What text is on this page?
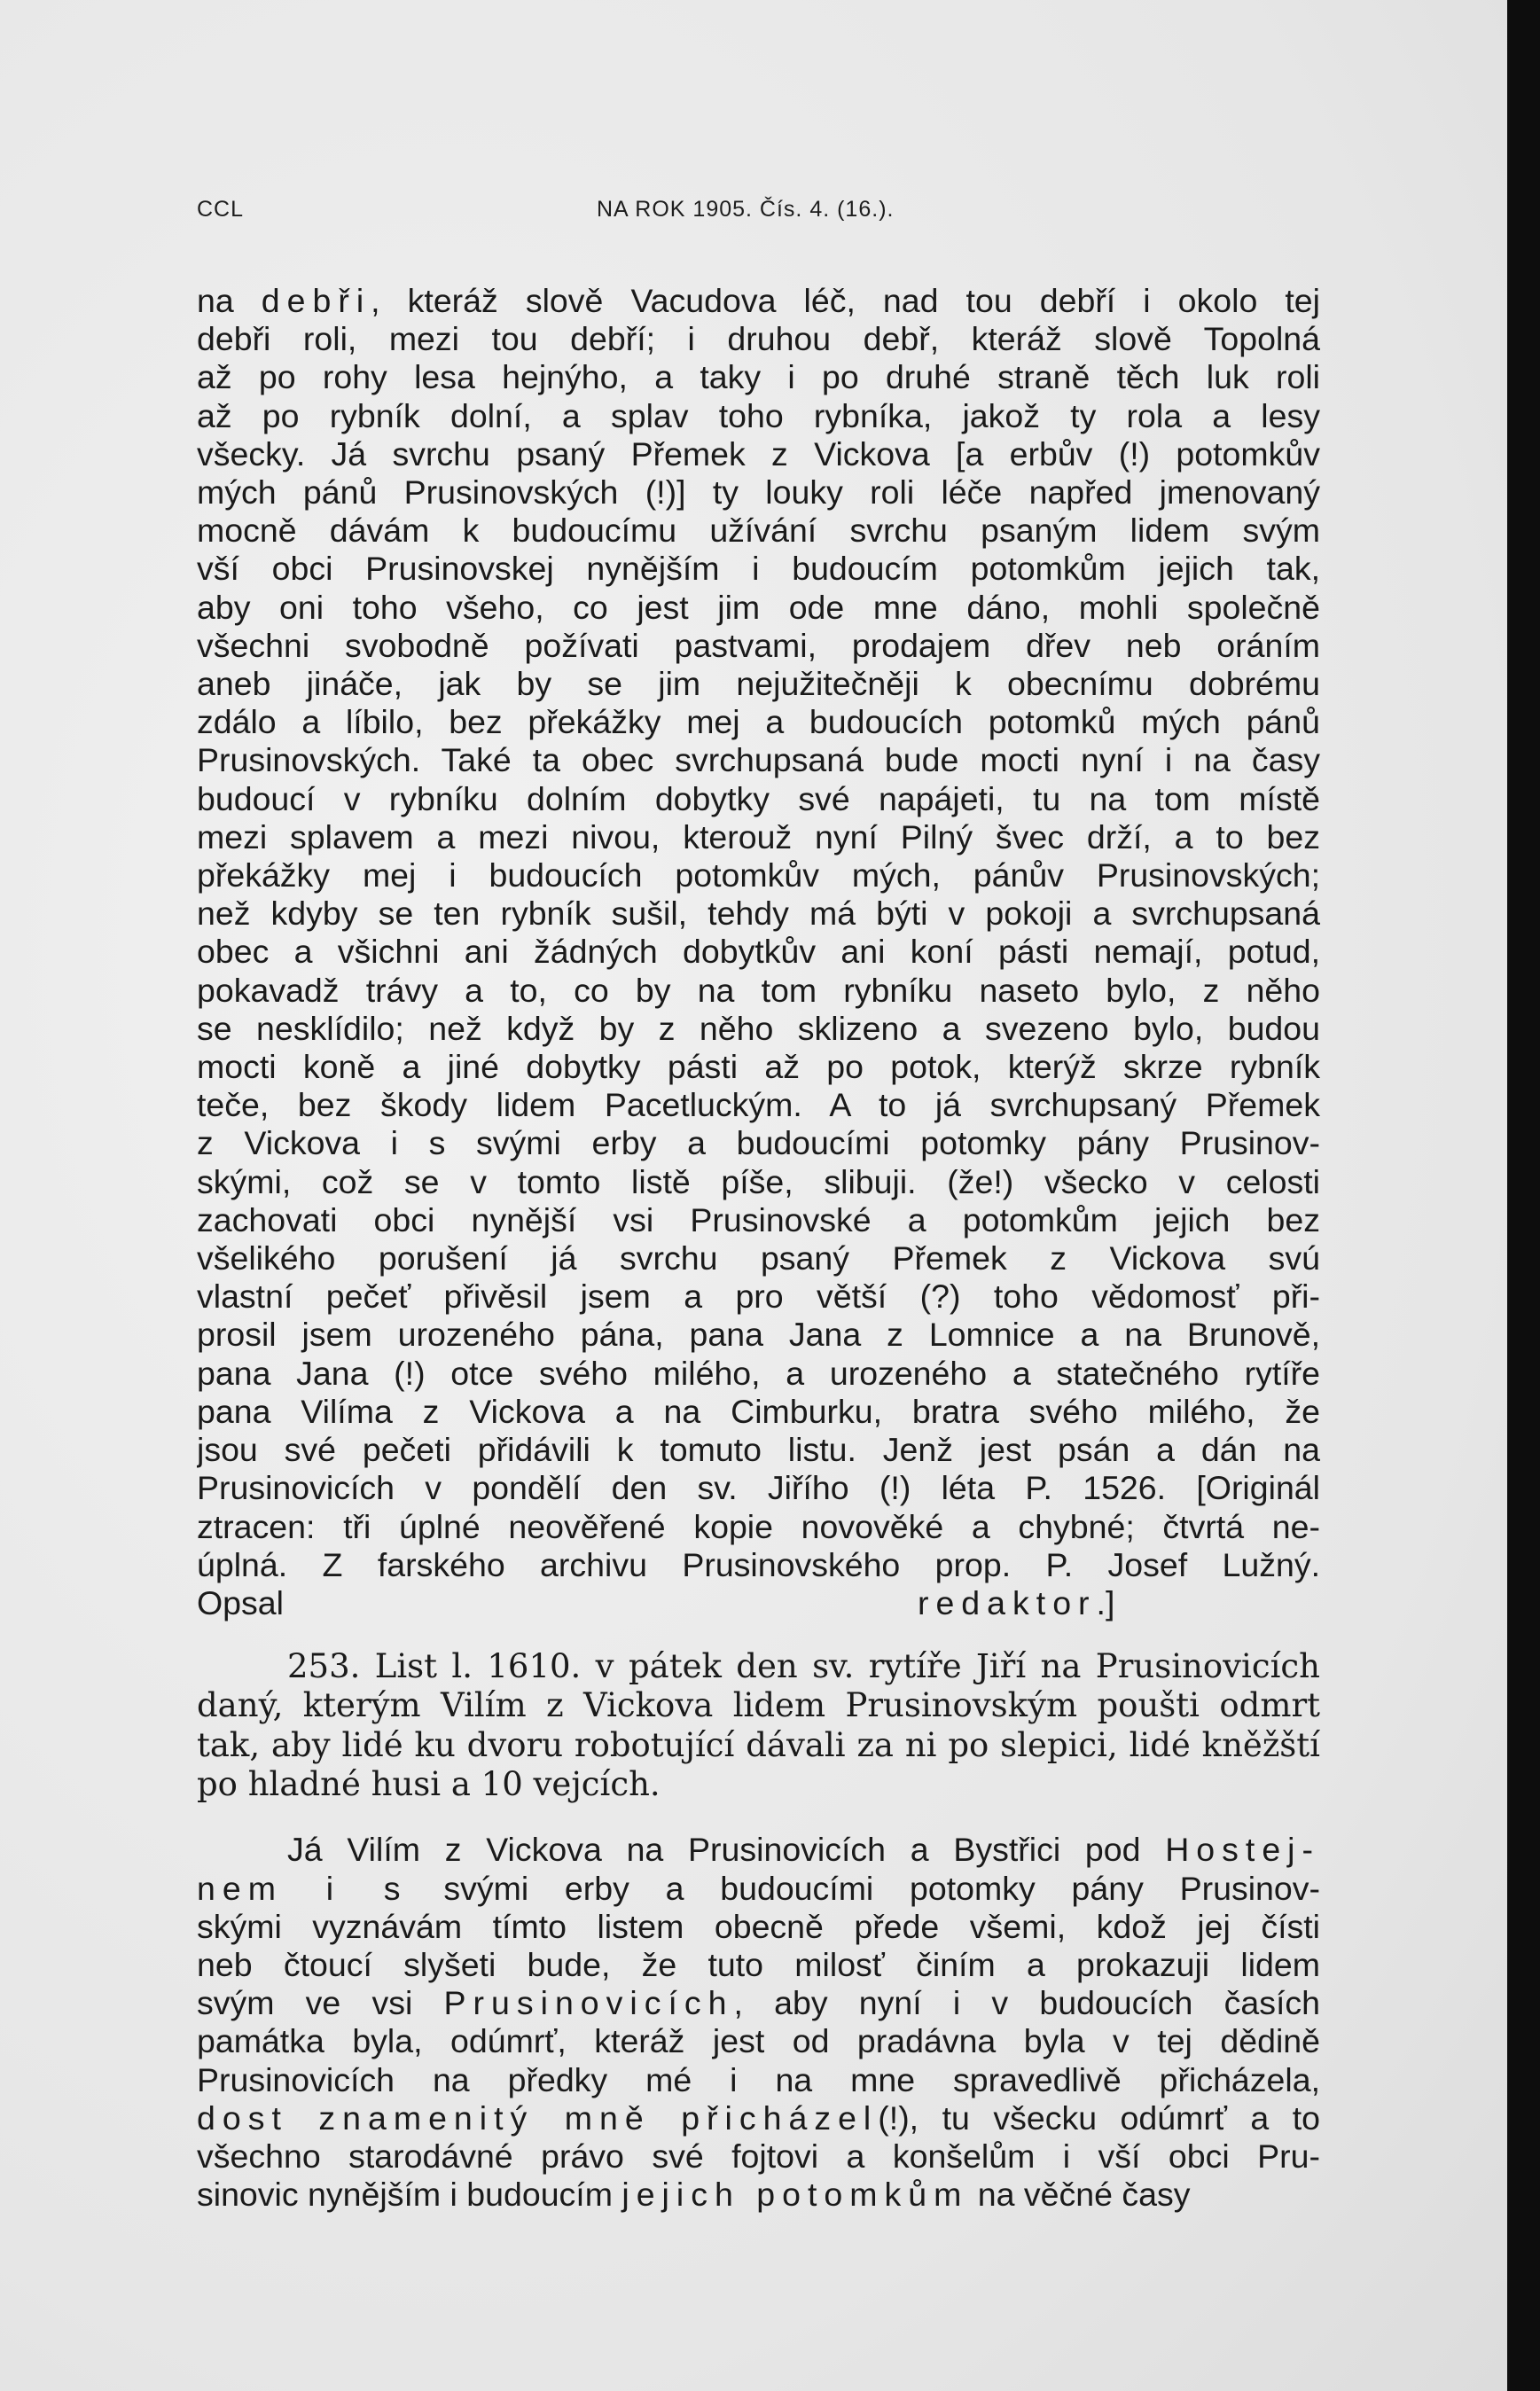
CCL	NA ROK 1905. Čís. 4. (16.).

na debři, kteráž slově Vacudova léč, nad tou debří i okolo tej

debři roli, mezi tou debří; i druhou debř, kteráž slově Topolná

až po rohy lesa hejnýho, a taky i po druhé straně těch luk roli

až po rybník dolní, a splav toho rybníka, jakož ty rola a lesy

všecky. Já svrchu psaný Přemek z Vickova [a erbův (!) potomkův

mých pánů Prusinovských (!)] ty louky roli léče napřed jmenovaný

mocně dávám k budoucímu užívání svrchu psaným lidem svým

vší obci Prusinovskej nynějším i budoucím potomkům jejich tak,

aby oni toho všeho, co jest jim ode mne dáno, mohli společně

všechni svobodně požívati pastvami, prodajem dřev neb oráním

aneb jináče, jak by se jim nejužitečněji k obecnímu dobrému

zdálo a líbilo, bez překážky mej a budoucích potomků mých pánů

Prusinovských. Také ta obec svrchupsaná bude mocti nyní i na časy

budoucí v rybníku dolním dobytky své napájeti, tu na tom místě

mezi splavem a mezi nivou, kterouž nyní Pilný švec drží, a to bez

překážky mej i budoucích potomkův mých, pánův Prusinovských;

než kdyby se ten rybník sušil, tehdy má býti v pokoji a svrchupsaná

obec a všichni ani žádných dobytkův ani koní pásti nemají, potud,

pokavadž trávy a to, co by na tom rybníku naseto bylo, z něho

se nesklídilo; než když by z něho sklizeno a svezeno bylo, budou

mocti koně a jiné dobytky pásti až po potok, kterýž skrze rybník

teče, bez škody lidem Pacetluckým. A to já svrchupsaný Přemek

z Vickova i s svými erby a budoucími potomky pány Prusinov-

skými, což se v tomto listě píše, slibuji. (že!) všecko v celosti

zachovati obci nynější vsi Prusinovské a potomkům jejich bez

všelikého porušení já svrchu psaný Přemek z Vickova svú

vlastní pečeť přivěsil jsem a pro větší (?) toho vědomosť při-

prosil jsem urozeného pána, pana Jana z Lomnice a na Brunově,

pana Jana (!) otce svého milého, a urozeného a statečného rytíře

pana Vilíma z Vickova a na Cimburku, bratra svého milého, že

jsou své pečeti přidávili k tomuto listu. Jenž jest psán a dán na

Prusinovicích v pondělí den sv. Jiřího (!) léta P. 1526. [Originál

ztracen: tři úplné neověřené kopie novověké a chybné; čtvrtá ne-

úplná. Z farského archivu Prusinovského prop. P. Josef Lužný.

Opsal	redaktor.]

253. List l. 1610. v pátek den sv. rytíře Jiří na Prusinovicích

daný, kterým Vilím z Vickova lidem Prusinovským poušti odmrt

tak, aby lidé ku dvoru robotující dávali za ni po slepici, lidé kněžští

po hladné husi a 10 vejcích.

Já Vilím z Vickova na Prusinovicích a Bystřici pod Hostej-

nem i s svými erby a budoucími potomky pány Prusinov-

skými vyznávám tímto listem obecně přede všemi, kdož jej čísti

neb čtoucí slyšeti bude, že tuto milosť činím a prokazuji lidem

svým ve vsi Prusinovicích, aby nyní i v budoucích časích

památka byla, odúmrť, kteráž jest od pradávna byla v tej dědině

Prusinovicích na předky mé i na mne spravedlivě přicházela,

dost znamenitý mně přicházel(!), tu všecku odúmrť a to

všechno starodávné právo své fojtovi a konšelům i vší obci Pru-

sinovic nynějším i budoucím jejich potomkům na věčné časy
